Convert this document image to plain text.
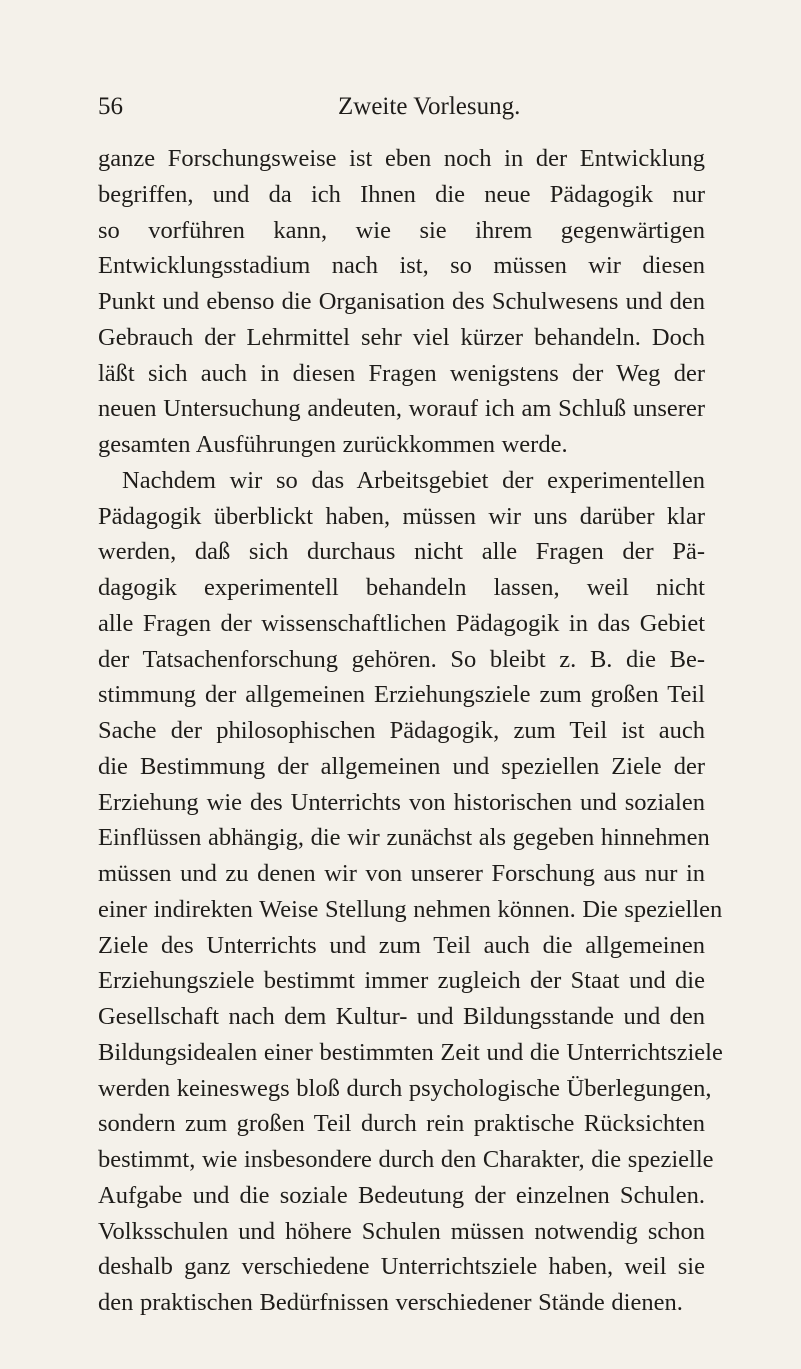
56	Zweite Vorlesung.
ganze Forschungsweise ist eben noch in der Entwicklung
begriffen, und da ich Ihnen die neue Pädagogik nur
so vorführen kann, wie sie ihrem gegenwärtigen
Entwicklungsstadium nach ist, so müssen wir diesen
Punkt und ebenso die Organisation des Schulwesens und den
Gebrauch der Lehrmittel sehr viel kürzer behandeln. Doch
läßt sich auch in diesen Fragen wenigstens der Weg der
neuen Untersuchung andeuten, worauf ich am Schluß unserer
gesamten Ausführungen zurückkommen werde.
Nachdem wir so das Arbeitsgebiet der experimentellen
Pädagogik überblickt haben, müssen wir uns darüber klar
werden, daß sich durchaus nicht alle Fragen der Pä-
dagogik experimentell behandeln lassen, weil nicht
alle Fragen der wissenschaftlichen Pädagogik in das Gebiet
der Tatsachenforschung gehören. So bleibt z. B. die Be-
stimmung der allgemeinen Erziehungsziele zum großen Teil
Sache der philosophischen Pädagogik, zum Teil ist auch
die Bestimmung der allgemeinen und speziellen Ziele der
Erziehung wie des Unterrichts von historischen und sozialen
Einflüssen abhängig, die wir zunächst als gegeben hinnehmen
müssen und zu denen wir von unserer Forschung aus nur in
einer indirekten Weise Stellung nehmen können. Die speziellen
Ziele des Unterrichts und zum Teil auch die allgemeinen
Erziehungsziele bestimmt immer zugleich der Staat und die
Gesellschaft nach dem Kultur- und Bildungsstande und den
Bildungsidealen einer bestimmten Zeit und die Unterrichtsziele
werden keineswegs bloß durch psychologische Überlegungen,
sondern zum großen Teil durch rein praktische Rücksichten
bestimmt, wie insbesondere durch den Charakter, die spezielle
Aufgabe und die soziale Bedeutung der einzelnen Schulen.
Volksschulen und höhere Schulen müssen notwendig schon
deshalb ganz verschiedene Unterrichtsziele haben, weil sie
den praktischen Bedürfnissen verschiedener Stände dienen.
